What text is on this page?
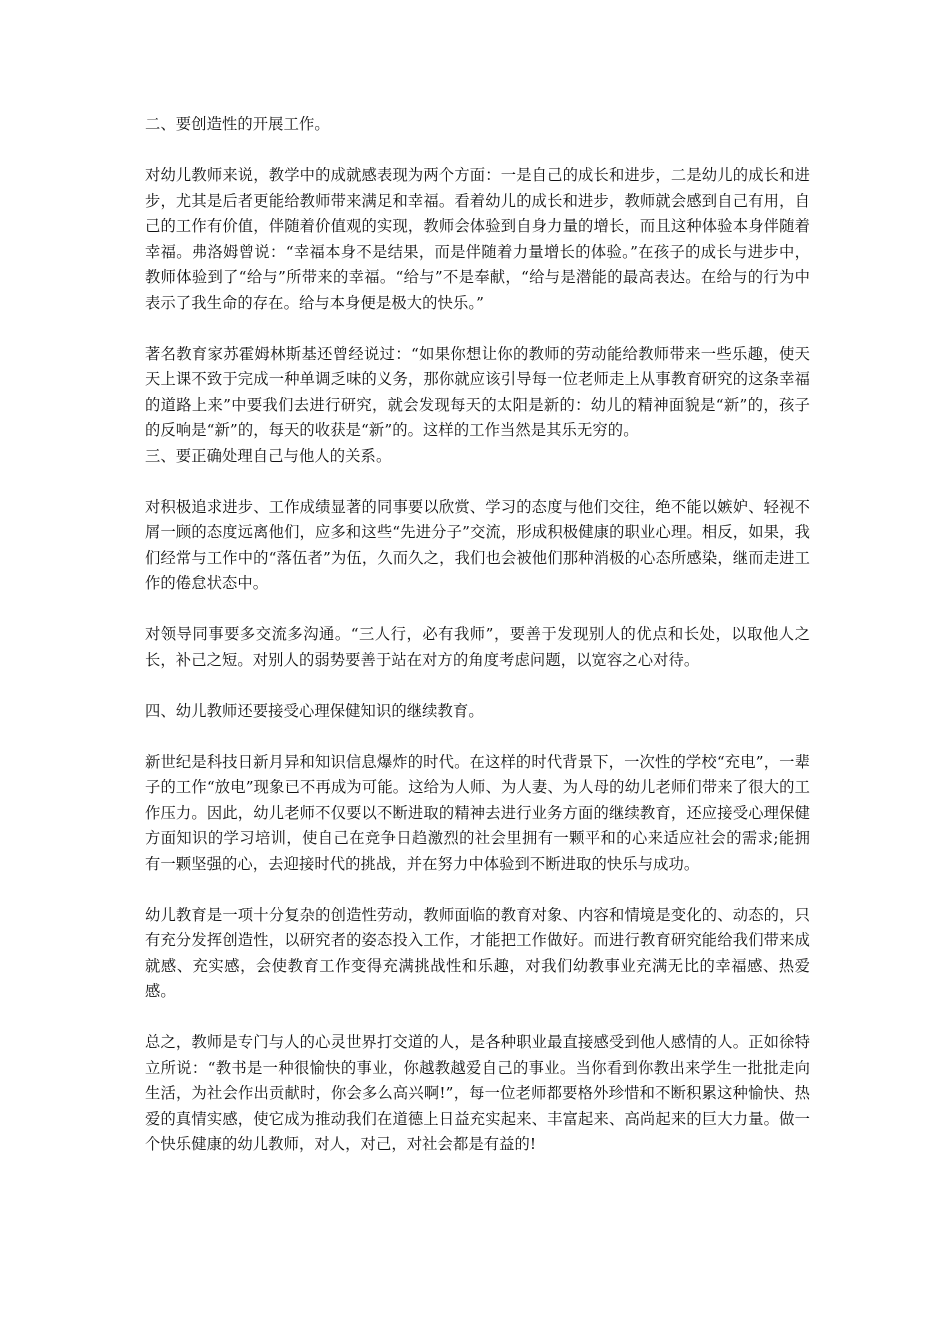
二、要创造性的开展工作。

对幼儿教师来说，教学中的成就感表现为两个方面：一是自己的成长和进步，二是幼儿的成长和进步，尤其是后者更能给教师带来满足和幸福。看着幼儿的成长和进步，教师就会感到自己有用，自己的工作有价值，伴随着价值观的实现，教师会体验到自身力量的增长，而且这种体验本身伴随着幸福。弗洛姆曾说：“幸福本身不是结果，而是伴随着力量增长的体验。”在孩子的成长与进步中，教师体验到了“给与”所带来的幸福。“给与”不是奉献，“给与是潜能的最高表达。在给与的行为中表示了我生命的存在。给与本身便是极大的快乐。”

著名教育家苏霍姆林斯基还曾经说过：“如果你想让你的教师的劳动能给教师带来一些乐趣，使天天上课不致于完成一种单调乏味的义务，那你就应该引导每一位老师走上从事教育研究的这条幸福的道路上来”中要我们去进行研究，就会发现每天的太阳是新的：幼儿的精神面貌是“新”的，孩子的反响是“新”的，每天的收获是“新”的。这样的工作当然是其乐无穷的。

三、要正确处理自己与他人的关系。

对积极追求进步、工作成绩显著的同事要以欣赏、学习的态度与他们交往，绝不能以嫉妒、轻视不屑一顾的态度远离他们，应多和这些“先进分子”交流，形成积极健康的职业心理。相反，如果，我们经常与工作中的“落伍者”为伍，久而久之，我们也会被他们那种消极的心态所感染，继而走进工作的倦怠状态中。

对领导同事要多交流多沟通。“三人行，必有我师”，要善于发现别人的优点和长处，以取他人之长，补己之短。对别人的弱势要善于站在对方的角度考虑问题，以宽容之心对待。

四、幼儿教师还要接受心理保健知识的继续教育。

新世纪是科技日新月异和知识信息爆炸的时代。在这样的时代背景下，一次性的学校“充电”，一辈子的工作“放电”现象已不再成为可能。这给为人师、为人妻、为人母的幼儿老师们带来了很大的工作压力。因此，幼儿老师不仅要以不断进取的精神去进行业务方面的继续教育，还应接受心理保健方面知识的学习培训，使自己在竞争日趋激烈的社会里拥有一颗平和的心来适应社会的需求;能拥有一颗坚强的心，去迎接时代的挑战，并在努力中体验到不断进取的快乐与成功。

幼儿教育是一项十分复杂的创造性劳动，教师面临的教育对象、内容和情境是变化的、动态的，只有充分发挥创造性，以研究者的姿态投入工作，才能把工作做好。而进行教育研究能给我们带来成就感、充实感，会使教育工作变得充满挑战性和乐趣，对我们幼教事业充满无比的幸福感、热爱感。

总之，教师是专门与人的心灵世界打交道的人，是各种职业最直接感受到他人感情的人。正如徐特立所说：“教书是一种很愉快的事业，你越教越爱自己的事业。当你看到你教出来学生一批批走向生活，为社会作出贡献时，你会多么高兴啊!”，每一位老师都要格外珍惜和不断积累这种愉快、热爱的真情实感，使它成为推动我们在道德上日益充实起来、丰富起来、高尚起来的巨大力量。做一个快乐健康的幼儿教师，对人，对己，对社会都是有益的!
